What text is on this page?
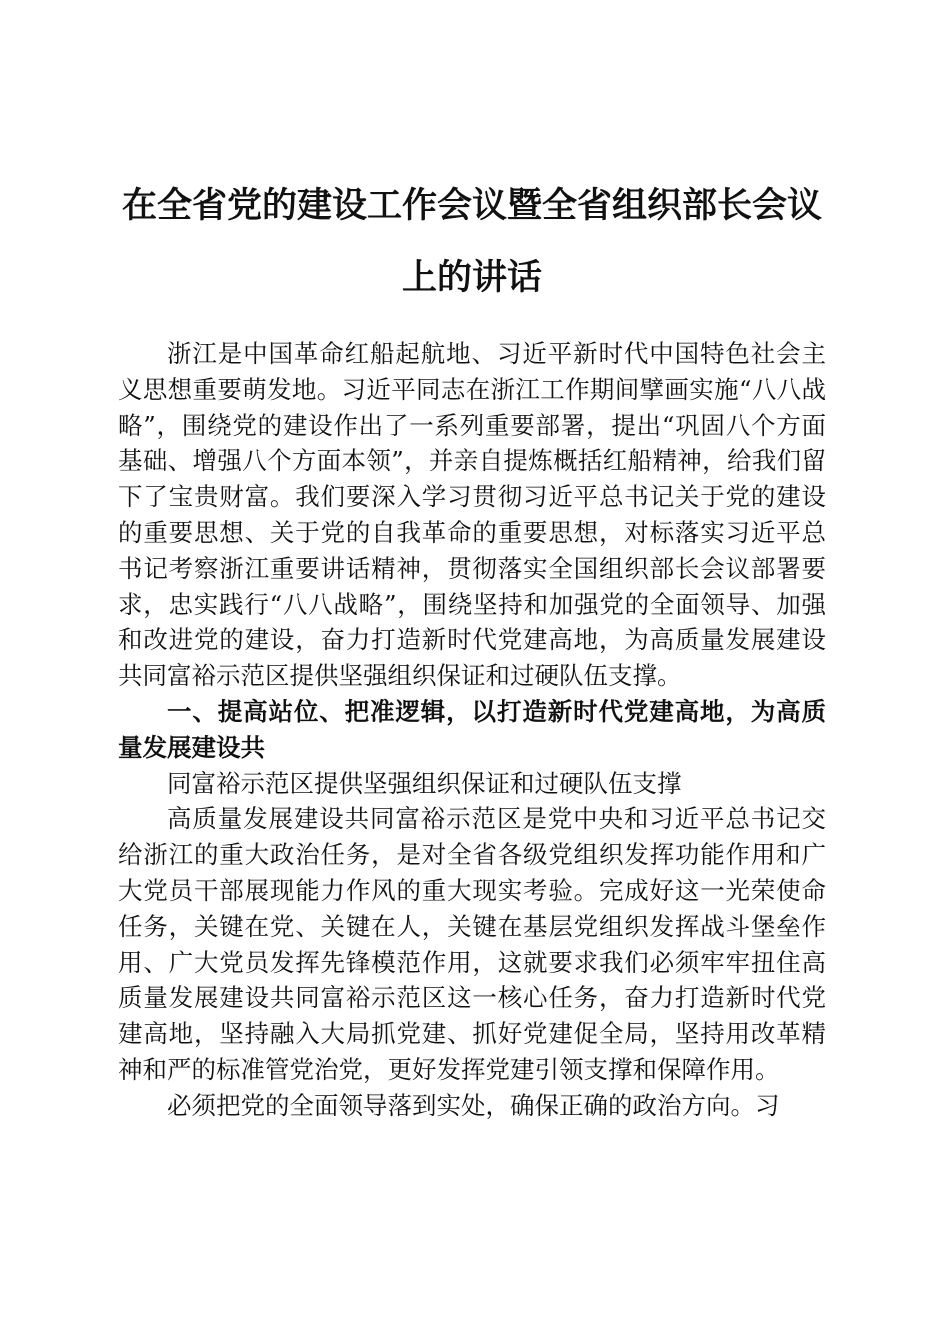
在全省党的建设工作会议暨全省组织部长会议
上的讲话

浙江是中国革命红船起航地、习近平新时代中国特色社会主义思想重要萌发地。习近平同志在浙江工作期间擘画实施“八八战略”，围绕党的建设作出了一系列重要部署，提出“巩固八个方面基础、增强八个方面本领”，并亲自提炼概括红船精神，给我们留下了宝贵财富。我们要深入学习贯彻习近平总书记关于党的建设的重要思想、关于党的自我革命的重要思想，对标落实习近平总书记考察浙江重要讲话精神，贯彻落实全国组织部长会议部署要求，忠实践行“八八战略”，围绕坚持和加强党的全面领导、加强和改进党的建设，奋力打造新时代党建高地，为高质量发展建设共同富裕示范区提供坚强组织保证和过硬队伍支撑。

一、提高站位、把准逻辑，以打造新时代党建高地，为高质量发展建设共

同富裕示范区提供坚强组织保证和过硬队伍支撑

高质量发展建设共同富裕示范区是党中央和习近平总书记交给浙江的重大政治任务，是对全省各级党组织发挥功能作用和广大党员干部展现能力作风的重大现实考验。完成好这一光荣使命任务，关键在党、关键在人，关键在基层党组织发挥战斗堡垒作用、广大党员发挥先锋模范作用，这就要求我们必须牢牢扭住高质量发展建设共同富裕示范区这一核心任务，奋力打造新时代党建高地，坚持融入大局抓党建、抓好党建促全局，坚持用改革精神和严的标准管党治党，更好发挥党建引领支撑和保障作用。

必须把党的全面领导落到实处，确保正确的政治方向。习
